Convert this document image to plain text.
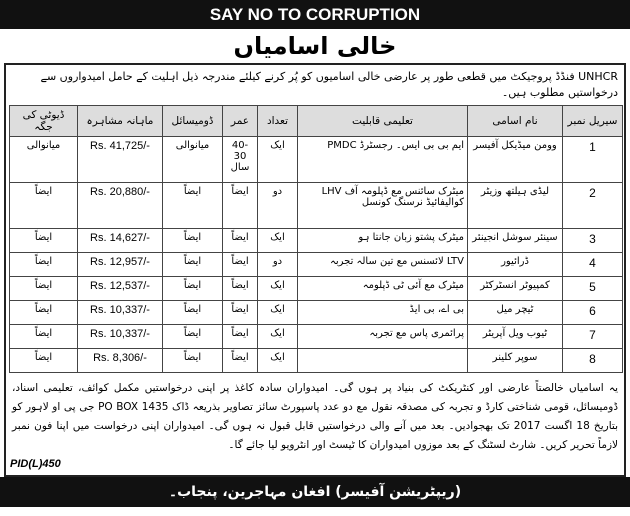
SAY NO TO CORRUPTION
خالی اسامیاں
UNHCR فنڈڈ پروجیکٹ میں قطعی طور پر عارضی خالی اسامیوں کو پُر کرنے کیلئے مندرجہ ذیل اہلیت کے حامل امیدواروں سے درخواستیں مطلوب ہیں۔
سیریل نمبر	نام اسامی	تعلیمی قابلیت	تعداد	عمر	ڈومیسائل	ماہانہ مشاہرہ	ڈیوٹی کی جگہ
1	وومن میڈیکل آفیسر	ایم بی بی ایس۔ رجسٹرڈ PMDC	ایک	40-30 سال	میانوالی	Rs. 41,725/-	میانوالی
2	لیڈی ہیلتھ وزیٹر	میٹرک سائنس مع ڈپلومہ آف LHV کوالیفائیڈ نرسنگ کونسل	دو	ایضاً	ایضاً	Rs. 20,880/-	ایضاً
3	سینئر سوشل انجینئر	میٹرک پشتو زبان جانتا ہو	ایک	ایضاً	ایضاً	Rs. 14,627/-	ایضاً
4	ڈرائیور	LTV لائسنس مع تین سالہ تجربہ	دو	ایضاً	ایضاً	Rs. 12,957/-	ایضاً
5	کمپیوٹر انسٹرکٹر	میٹرک مع آئی ٹی ڈپلومہ	ایک	ایضاً	ایضاً	Rs. 12,537/-	ایضاً
6	ٹیچر میل	بی اے، بی ایڈ	ایک	ایضاً	ایضاً	Rs. 10,337/-	ایضاً
7	ٹیوب ویل آپریٹر	پرائمری پاس مع تجربہ	ایک	ایضاً	ایضاً	Rs. 10,337/-	ایضاً
8	سوپر کلینر		ایک	ایضاً	ایضاً	Rs. 8,306/-	ایضاً
یہ اسامیاں خالصتاً عارضی اور کنٹریکٹ کی بنیاد پر ہوں گی۔ امیدواران سادہ کاغذ پر اپنی درخواستیں مکمل کوائف، تعلیمی اسناد، ڈومیسائل، قومی شناختی کارڈ و تجربہ کی مصدقہ نقول مع دو عدد پاسپورٹ سائز تصاویر بذریعہ ڈاک PO BOX 1435 جی پی او لاہور کو بتاریخ 18 اگست 2017 تک بھجوادیں۔ بعد میں آنے والی درخواستیں قابل قبول نہ ہوں گی۔ امیدواران اپنی درخواست میں اپنا فون نمبر لازماً تحریر کریں۔ شارٹ لسٹنگ کے بعد موزوں امیدواران کا ٹیسٹ اور انٹرویو لیا جائے گا۔
PID(L)450
(ریپٹریشن آفیسر) افغان مہاجرین، پنجاب۔
